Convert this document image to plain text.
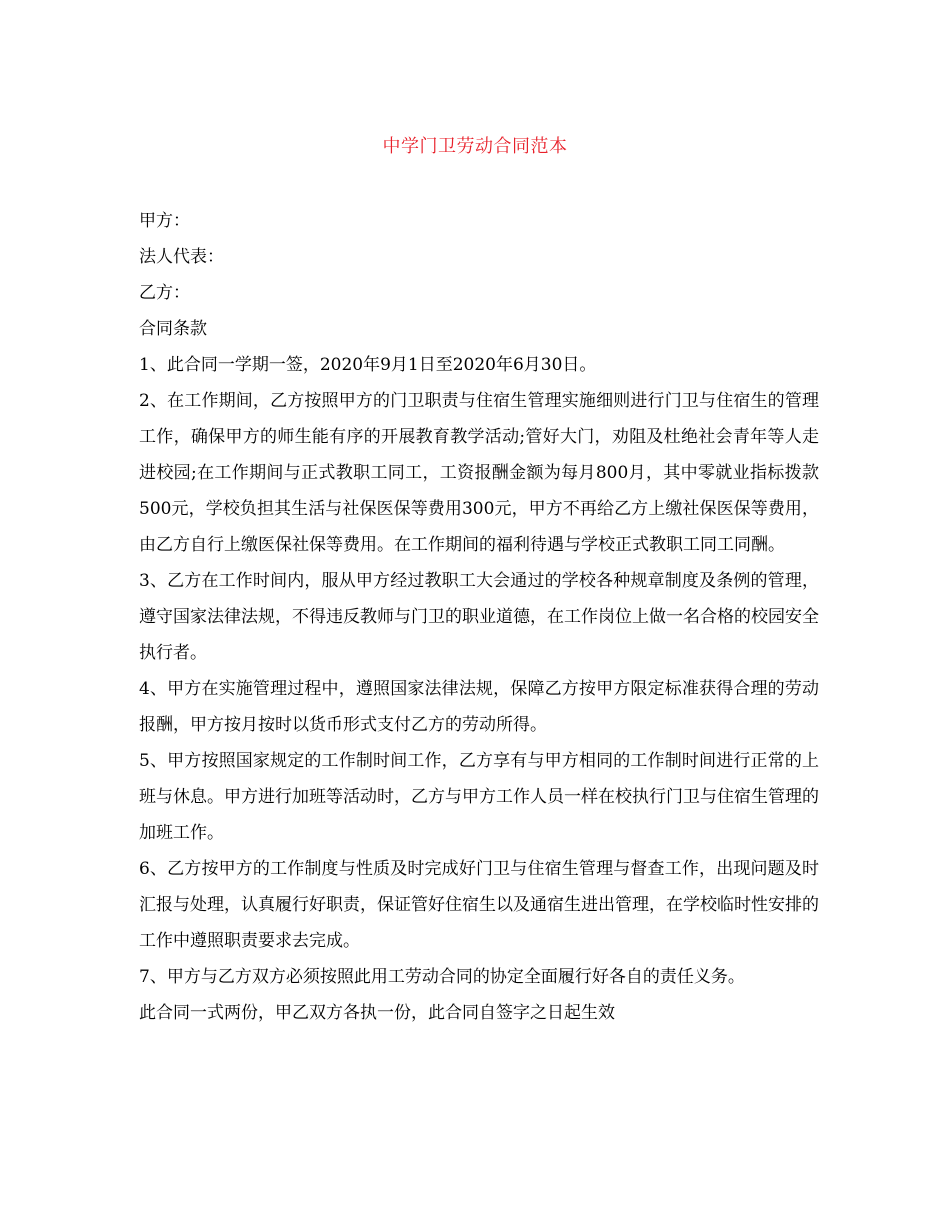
中学门卫劳动合同范本

甲方：

法人代表：

乙方：

合同条款

1、此合同一学期一签，2020年9月1日至2020年6月30日。

2、在工作期间，乙方按照甲方的门卫职责与住宿生管理实施细则进行门卫与住宿生的管理工作，确保甲方的师生能有序的开展教育教学活动;管好大门，劝阻及杜绝社会青年等人走进校园;在工作期间与正式教职工同工，工资报酬金额为每月800月，其中零就业指标拨款500元，学校负担其生活与社保医保等费用300元，甲方不再给乙方上缴社保医保等费用，由乙方自行上缴医保社保等费用。在工作期间的福利待遇与学校正式教职工同工同酬。

3、乙方在工作时间内，服从甲方经过教职工大会通过的学校各种规章制度及条例的管理，遵守国家法律法规，不得违反教师与门卫的职业道德，在工作岗位上做一名合格的校园安全执行者。

4、甲方在实施管理过程中，遵照国家法律法规，保障乙方按甲方限定标准获得合理的劳动报酬，甲方按月按时以货币形式支付乙方的劳动所得。

5、甲方按照国家规定的工作制时间工作，乙方享有与甲方相同的工作制时间进行正常的上班与休息。甲方进行加班等活动时，乙方与甲方工作人员一样在校执行门卫与住宿生管理的加班工作。

6、乙方按甲方的工作制度与性质及时完成好门卫与住宿生管理与督查工作，出现问题及时汇报与处理，认真履行好职责，保证管好住宿生以及通宿生进出管理，在学校临时性安排的工作中遵照职责要求去完成。

7、甲方与乙方双方必须按照此用工劳动合同的协定全面履行好各自的责任义务。

此合同一式两份，甲乙双方各执一份，此合同自签字之日起生效
